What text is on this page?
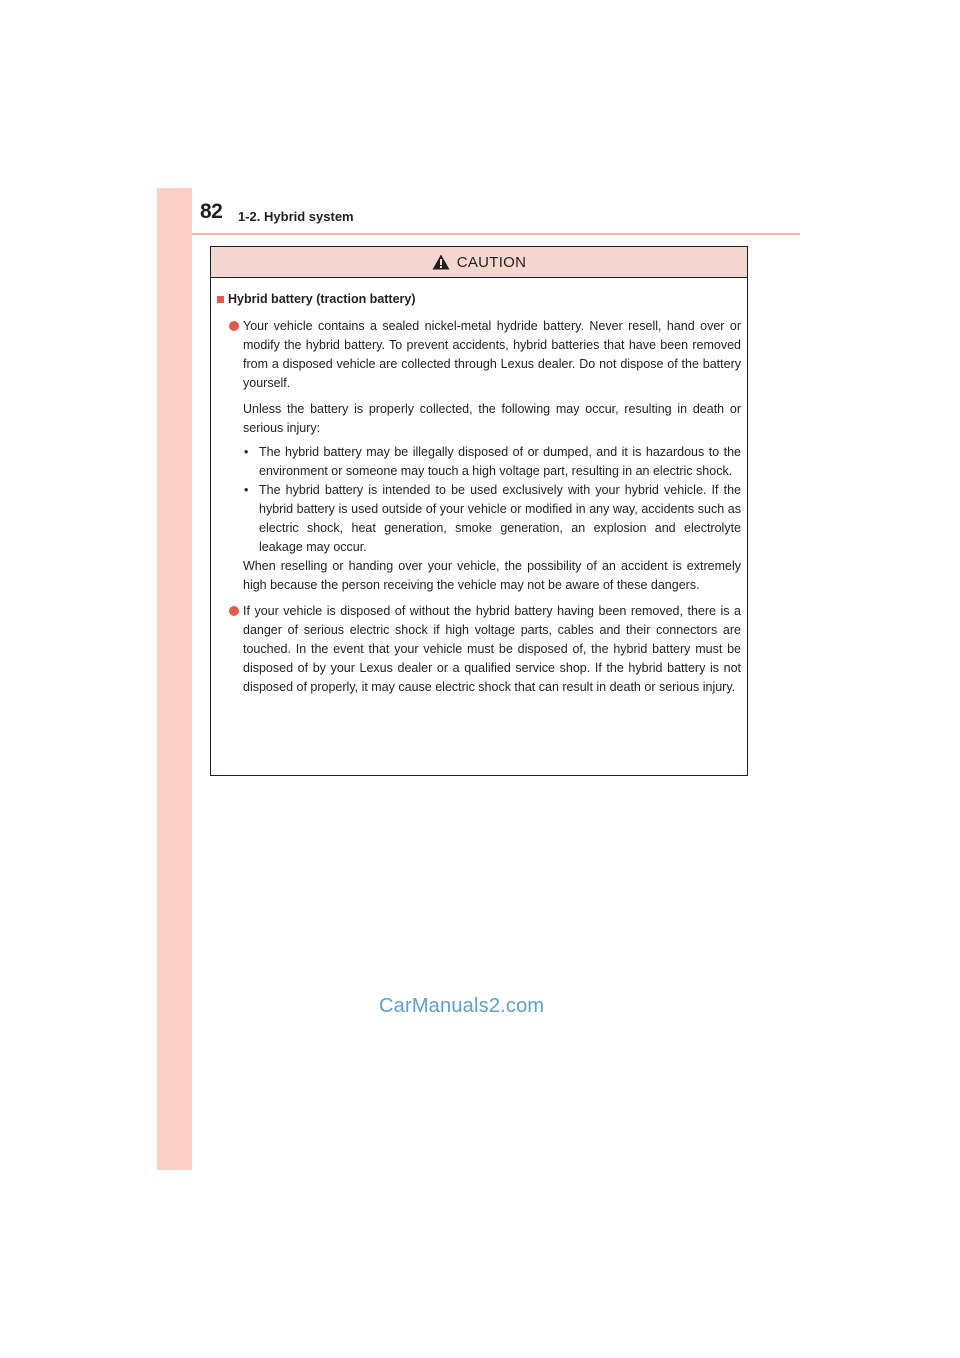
82 1-2. Hybrid system
CAUTION
Hybrid battery (traction battery)

Your vehicle contains a sealed nickel-metal hydride battery. Never resell, hand over or modify the hybrid battery. To prevent accidents, hybrid batteries that have been removed from a disposed vehicle are collected through Lexus dealer. Do not dispose of the battery yourself.

Unless the battery is properly collected, the following may occur, resulting in death or serious injury:

• The hybrid battery may be illegally disposed of or dumped, and it is hazardous to the environment or someone may touch a high voltage part, resulting in an electric shock.
• The hybrid battery is intended to be used exclusively with your hybrid vehicle. If the hybrid battery is used outside of your vehicle or modified in any way, accidents such as electric shock, heat generation, smoke generation, an explosion and electrolyte leakage may occur.

When reselling or handing over your vehicle, the possibility of an accident is extremely high because the person receiving the vehicle may not be aware of these dangers.

If your vehicle is disposed of without the hybrid battery having been removed, there is a danger of serious electric shock if high voltage parts, cables and their connectors are touched. In the event that your vehicle must be disposed of, the hybrid battery must be disposed of by your Lexus dealer or a qualified service shop. If the hybrid battery is not disposed of properly, it may cause electric shock that can result in death or serious injury.

CarManuals2.com
